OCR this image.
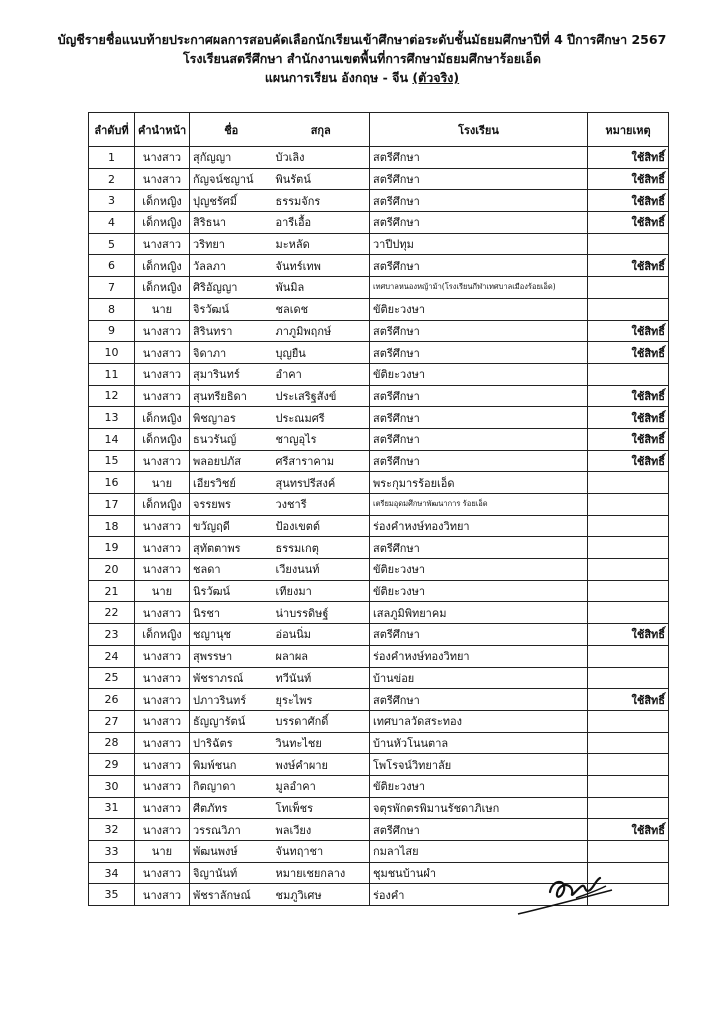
บัญชีรายชื่อแนบท้ายประกาศผลการสอบคัดเลือกนักเรียนเข้าศึกษาต่อระดับชั้นมัธยมศึกษาปีที่ 4 ปีการศึกษา 2567
โรงเรียนสตรีศึกษา สำนักงานเขตพื้นที่การศึกษามัธยมศึกษาร้อยเอ็ด
แผนการเรียน อังกฤษ - จีน (ตัวจริง)
ลำดับที่	คำนำหน้า	ชื่อ	สกุล	โรงเรียน	หมายเหตุ
1	นางสาว	สุกัญญา	บัวเลิง	สตรีศึกษา	ใช้สิทธิ์
2	นางสาว	กัญจน์ชญาน์	พินรัตน์	สตรีศึกษา	ใช้สิทธิ์
3	เด็กหญิง	ปุญชรัศมิ์	ธรรมจักร	สตรีศึกษา	ใช้สิทธิ์
4	เด็กหญิง	สิริธนา	อารีเอื้อ	สตรีศึกษา	ใช้สิทธิ์
5	นางสาว	วริทยา	มะหลัด	วาปีปทุม	
6	เด็กหญิง	วัลลภา	จันทร์เทพ	สตรีศึกษา	ใช้สิทธิ์
7	เด็กหญิง	ศิริอัญญา	พันมิล	เทศบาลหนองหญ้าม้า(โรงเรียนกีฬาเทศบาลเมืองร้อยเอ็ด)	
8	นาย	จิรวัฒน์	ชลเดช	ขัติยะวงษา	
9	นางสาว	สิรินทรา	ภาภูมิพฤกษ์	สตรีศึกษา	ใช้สิทธิ์
10	นางสาว	จิดาภา	บุญยืน	สตรีศึกษา	ใช้สิทธิ์
11	นางสาว	สุมารินทร์	อำคา	ขัติยะวงษา	
12	นางสาว	สุนทรียธิดา	ประเสริฐสังข์	สตรีศึกษา	ใช้สิทธิ์
13	เด็กหญิง	พิชญาอร	ประณมศรี	สตรีศึกษา	ใช้สิทธิ์
14	เด็กหญิง	ธนวรันญ์	ชาญอุไร	สตรีศึกษา	ใช้สิทธิ์
15	นางสาว	พลอยปภัส	ศรีสาราคาม	สตรีศึกษา	ใช้สิทธิ์
16	นาย	เอียรวิชย์	สุนทรปรีสงค์	พระกุมารร้อยเอ็ด	
17	เด็กหญิง	จรรยพร	วงชารี	เตรียมอุดมศึกษาพัฒนาการ ร้อยเอ็ด	
18	นางสาว	ขวัญฤดี	ป้องเขตต์	ร่องคำหงษ์ทองวิทยา	
19	นางสาว	สุทัตตาพร	ธรรมเกตุ	สตรีศึกษา	
20	นางสาว	ชลดา	เวียงนนท์	ขัติยะวงษา	
21	นาย	นิรวัฒน์	เทียงมา	ขัติยะวงษา	
22	นางสาว	นิรชา	น่าบรรดิษฐ์	เสลภูมิพิทยาคม	
23	เด็กหญิง	ชญานุช	อ่อนนิ่ม	สตรีศึกษา	ใช้สิทธิ์
24	นางสาว	สุพรรษา	ผลาผล	ร่องคำหงษ์ทองวิทยา	
25	นางสาว	พัชราภรณ์	ทวีนันท์	บ้านข่อย	
26	นางสาว	ปภาวรินทร์	ยุระไพร	สตรีศึกษา	ใช้สิทธิ์
27	นางสาว	ธัญญารัตน์	บรรดาศักดิ์	เทศบาลวัดสระทอง	
28	นางสาว	ปาริฉัตร	วินทะไชย	บ้านหัวโนนตาล	
29	นางสาว	พิมพ์ชนก	พงษ์คำผาย	โพโรจน์วิทยาลัย	
30	นางสาว	กิตญาดา	มูลอำคา	ขัติยะวงษา	
31	นางสาว	ศีตภัทร	โทเพ็ชร	จตุรพักตรพิมานรัชดาภิเษก	
32	นางสาว	วรรณวิภา	พลเวียง	สตรีศึกษา	ใช้สิทธิ์
33	นาย	พัฒนพงษ์	จันทฤาชา	กมลาไสย	
34	นางสาว	จิญานันท์	หมายเชยกลาง	ชุมชนบ้านผำ	
35	นางสาว	พัชราลักษณ์	ชมภูวิเศษ	ร่องคำ	
